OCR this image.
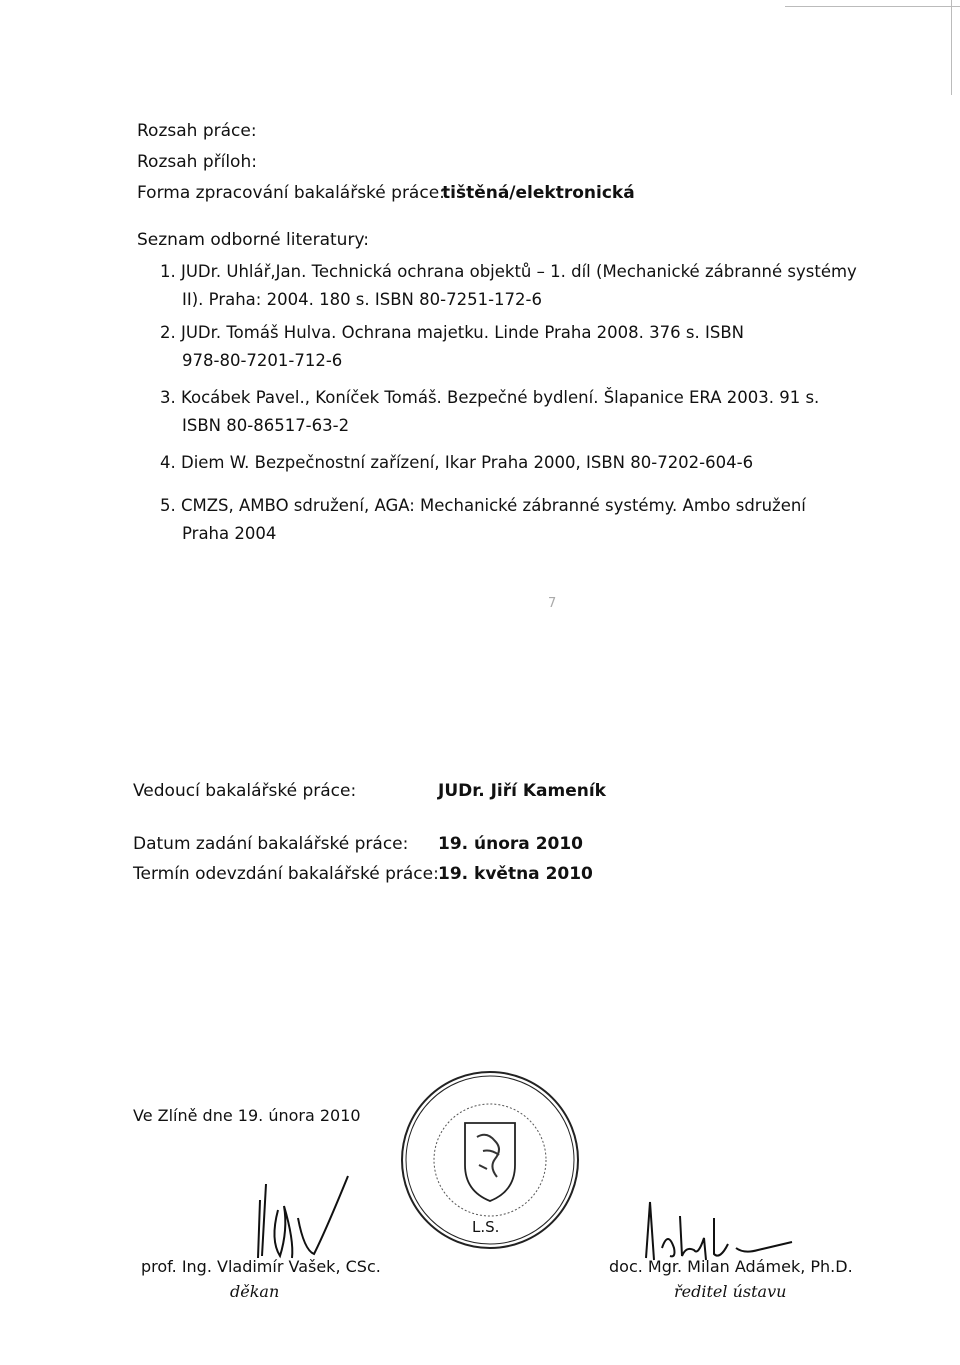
Rozsah práce:
Rozsah příloh:
Forma zpracování bakalářské práce:
tištěná/elektronická
Seznam odborné literatury:
1. JUDr. Uhlář,Jan. Technická ochrana objektů – 1. díl (Mechanické zábranné systémy
II). Praha: 2004. 180 s. ISBN 80-7251-172-6
2. JUDr. Tomáš Hulva. Ochrana majetku. Linde Praha 2008. 376 s. ISBN
978-80-7201-712-6
3. Kocábek Pavel., Koníček Tomáš. Bezpečné bydlení. Šlapanice ERA 2003. 91 s.
ISBN 80-86517-63-2
4. Diem W. Bezpečnostní zařízení, Ikar Praha 2000, ISBN 80-7202-604-6
5. CMZS, AMBO sdružení, AGA: Mechanické zábranné systémy. Ambo sdružení
Praha 2004
7
Vedoucí bakalářské práce:	JUDr. Jiří Kameník
Datum zadání bakalářské práce: 19. února 2010
Termín odevzdání bakalářské práce: 19. května 2010
Ve Zlíně dne 19. února 2010
L.S.
prof. Ing. Vladimír Vašek, CSc.
děkan
doc. Mgr. Milan Adámek, Ph.D.
ředitel ústavu
